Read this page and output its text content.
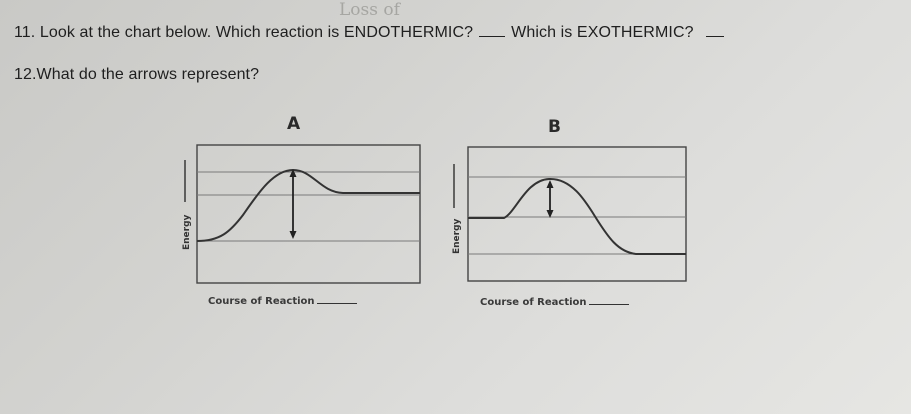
11. Look at the chart below. Which reaction is ENDOTHERMIC? Which is EXOTHERMIC?
12.What do the arrows represent?
Loss of
A	B
Energy	Energy
Course of Reaction	Course of Reaction
